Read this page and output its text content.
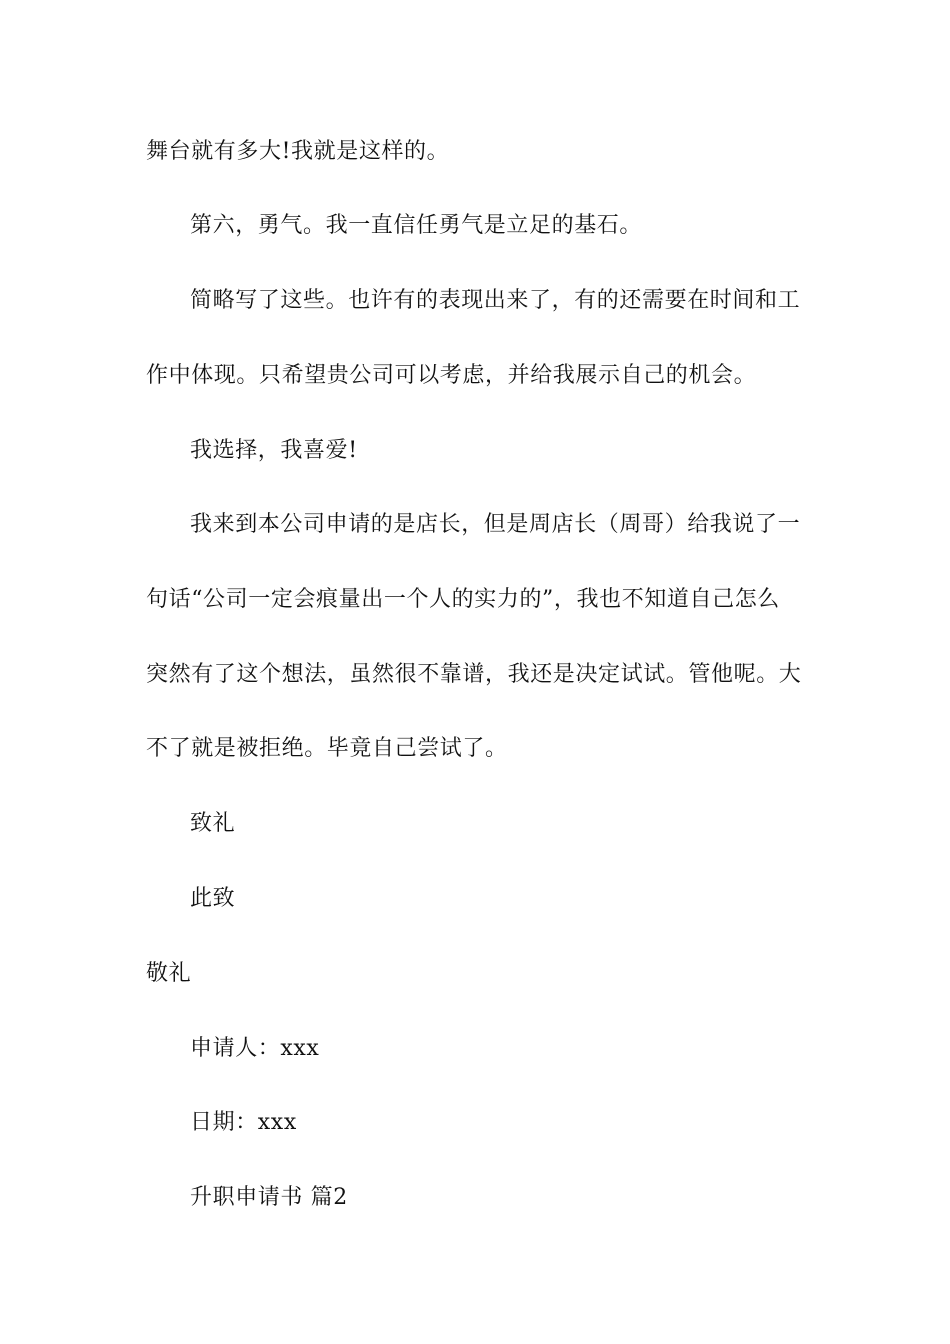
舞台就有多大!我就是这样的。
第六，勇气。我一直信任勇气是立足的基石。
简略写了这些。也许有的表现出来了，有的还需要在时间和工
作中体现。只希望贵公司可以考虑，并给我展示自己的机会。
我选择，我喜爱!
我来到本公司申请的是店长，但是周店长（周哥）给我说了一
句话“公司一定会痕量出一个人的实力的”，我也不知道自己怎么
突然有了这个想法，虽然很不靠谱，我还是决定试试。管他呢。大
不了就是被拒绝。毕竟自己尝试了。
致礼
此致
敬礼
申请人：xxx
日期：xxx
升职申请书 篇2
